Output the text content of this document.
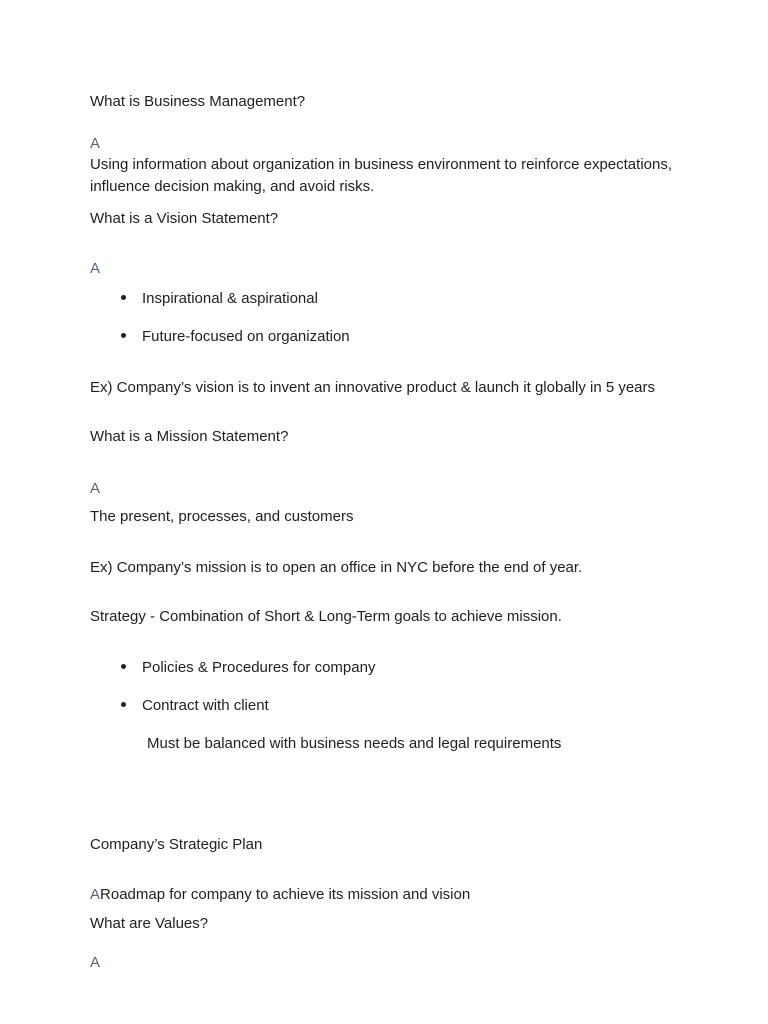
What is Business Management?

A

Using information about organization in business environment to reinforce expectations, influence decision making, and avoid risks.

What is a Vision Statement?

A

Inspirational & aspirational
Future-focused on organization

Ex) Company’s vision is to invent an innovative product & launch it globally in 5 years

What is a Mission Statement?

A

The present, processes, and customers

Ex) Company’s mission is to open an office in NYC before the end of year.

Strategy - Combination of Short & Long-Term goals to achieve mission.

Policies & Procedures for company
Contract with client

Must be balanced with business needs and legal requirements

Company’s Strategic Plan

ARoadmap for company to achieve its mission and vision

What are Values?

A
